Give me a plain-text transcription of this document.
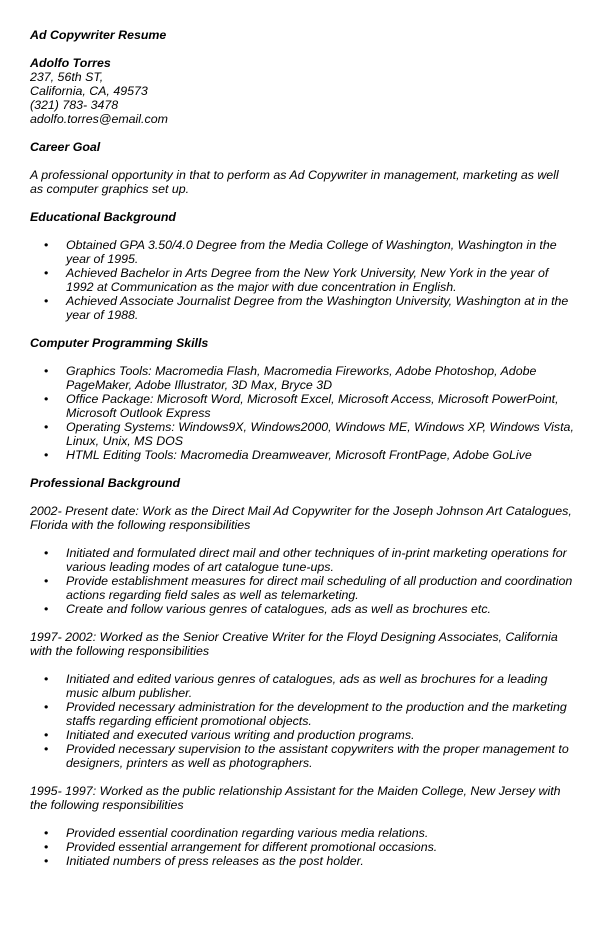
Ad Copywriter Resume

Adolfo Torres

237, 56th ST,

California, CA, 49573

(321) 783- 3478

adolfo.torres@email.com

Career Goal

A professional opportunity in that to perform as Ad Copywriter in management, marketing as well as computer graphics set up.

Educational Background

• Obtained GPA 3.50/4.0 Degree from the Media College of Washington, Washington in the year of 1995.
• Achieved Bachelor in Arts Degree from the New York University, New York in the year of 1992 at Communication as the major with due concentration in English.
• Achieved Associate Journalist Degree from the Washington University, Washington at in the year of 1988.

Computer Programming Skills

• Graphics Tools: Macromedia Flash, Macromedia Fireworks, Adobe Photoshop, Adobe PageMaker, Adobe Illustrator, 3D Max, Bryce 3D
• Office Package: Microsoft Word, Microsoft Excel, Microsoft Access, Microsoft PowerPoint, Microsoft Outlook Express
• Operating Systems: Windows9X, Windows2000, Windows ME, Windows XP, Windows Vista, Linux, Unix, MS DOS
• HTML Editing Tools: Macromedia Dreamweaver, Microsoft FrontPage, Adobe GoLive

Professional Background

2002- Present date: Work as the Direct Mail Ad Copywriter for the Joseph Johnson Art Catalogues, Florida with the following responsibilities

• Initiated and formulated direct mail and other techniques of in-print marketing operations for various leading modes of art catalogue tune-ups.
• Provide establishment measures for direct mail scheduling of all production and coordination actions regarding field sales as well as telemarketing.
• Create and follow various genres of catalogues, ads as well as brochures etc.

1997- 2002: Worked as the Senior Creative Writer for the Floyd Designing Associates, California with the following responsibilities

• Initiated and edited various genres of catalogues, ads as well as brochures for a leading music album publisher.
• Provided necessary administration for the development to the production and the marketing staffs regarding efficient promotional objects.
• Initiated and executed various writing and production programs.
• Provided necessary supervision to the assistant copywriters with the proper management to designers, printers as well as photographers.

1995- 1997: Worked as the public relationship Assistant for the Maiden College, New Jersey with the following responsibilities

• Provided essential coordination regarding various media relations.
• Provided essential arrangement for different promotional occasions.
• Initiated numbers of press releases as the post holder.
